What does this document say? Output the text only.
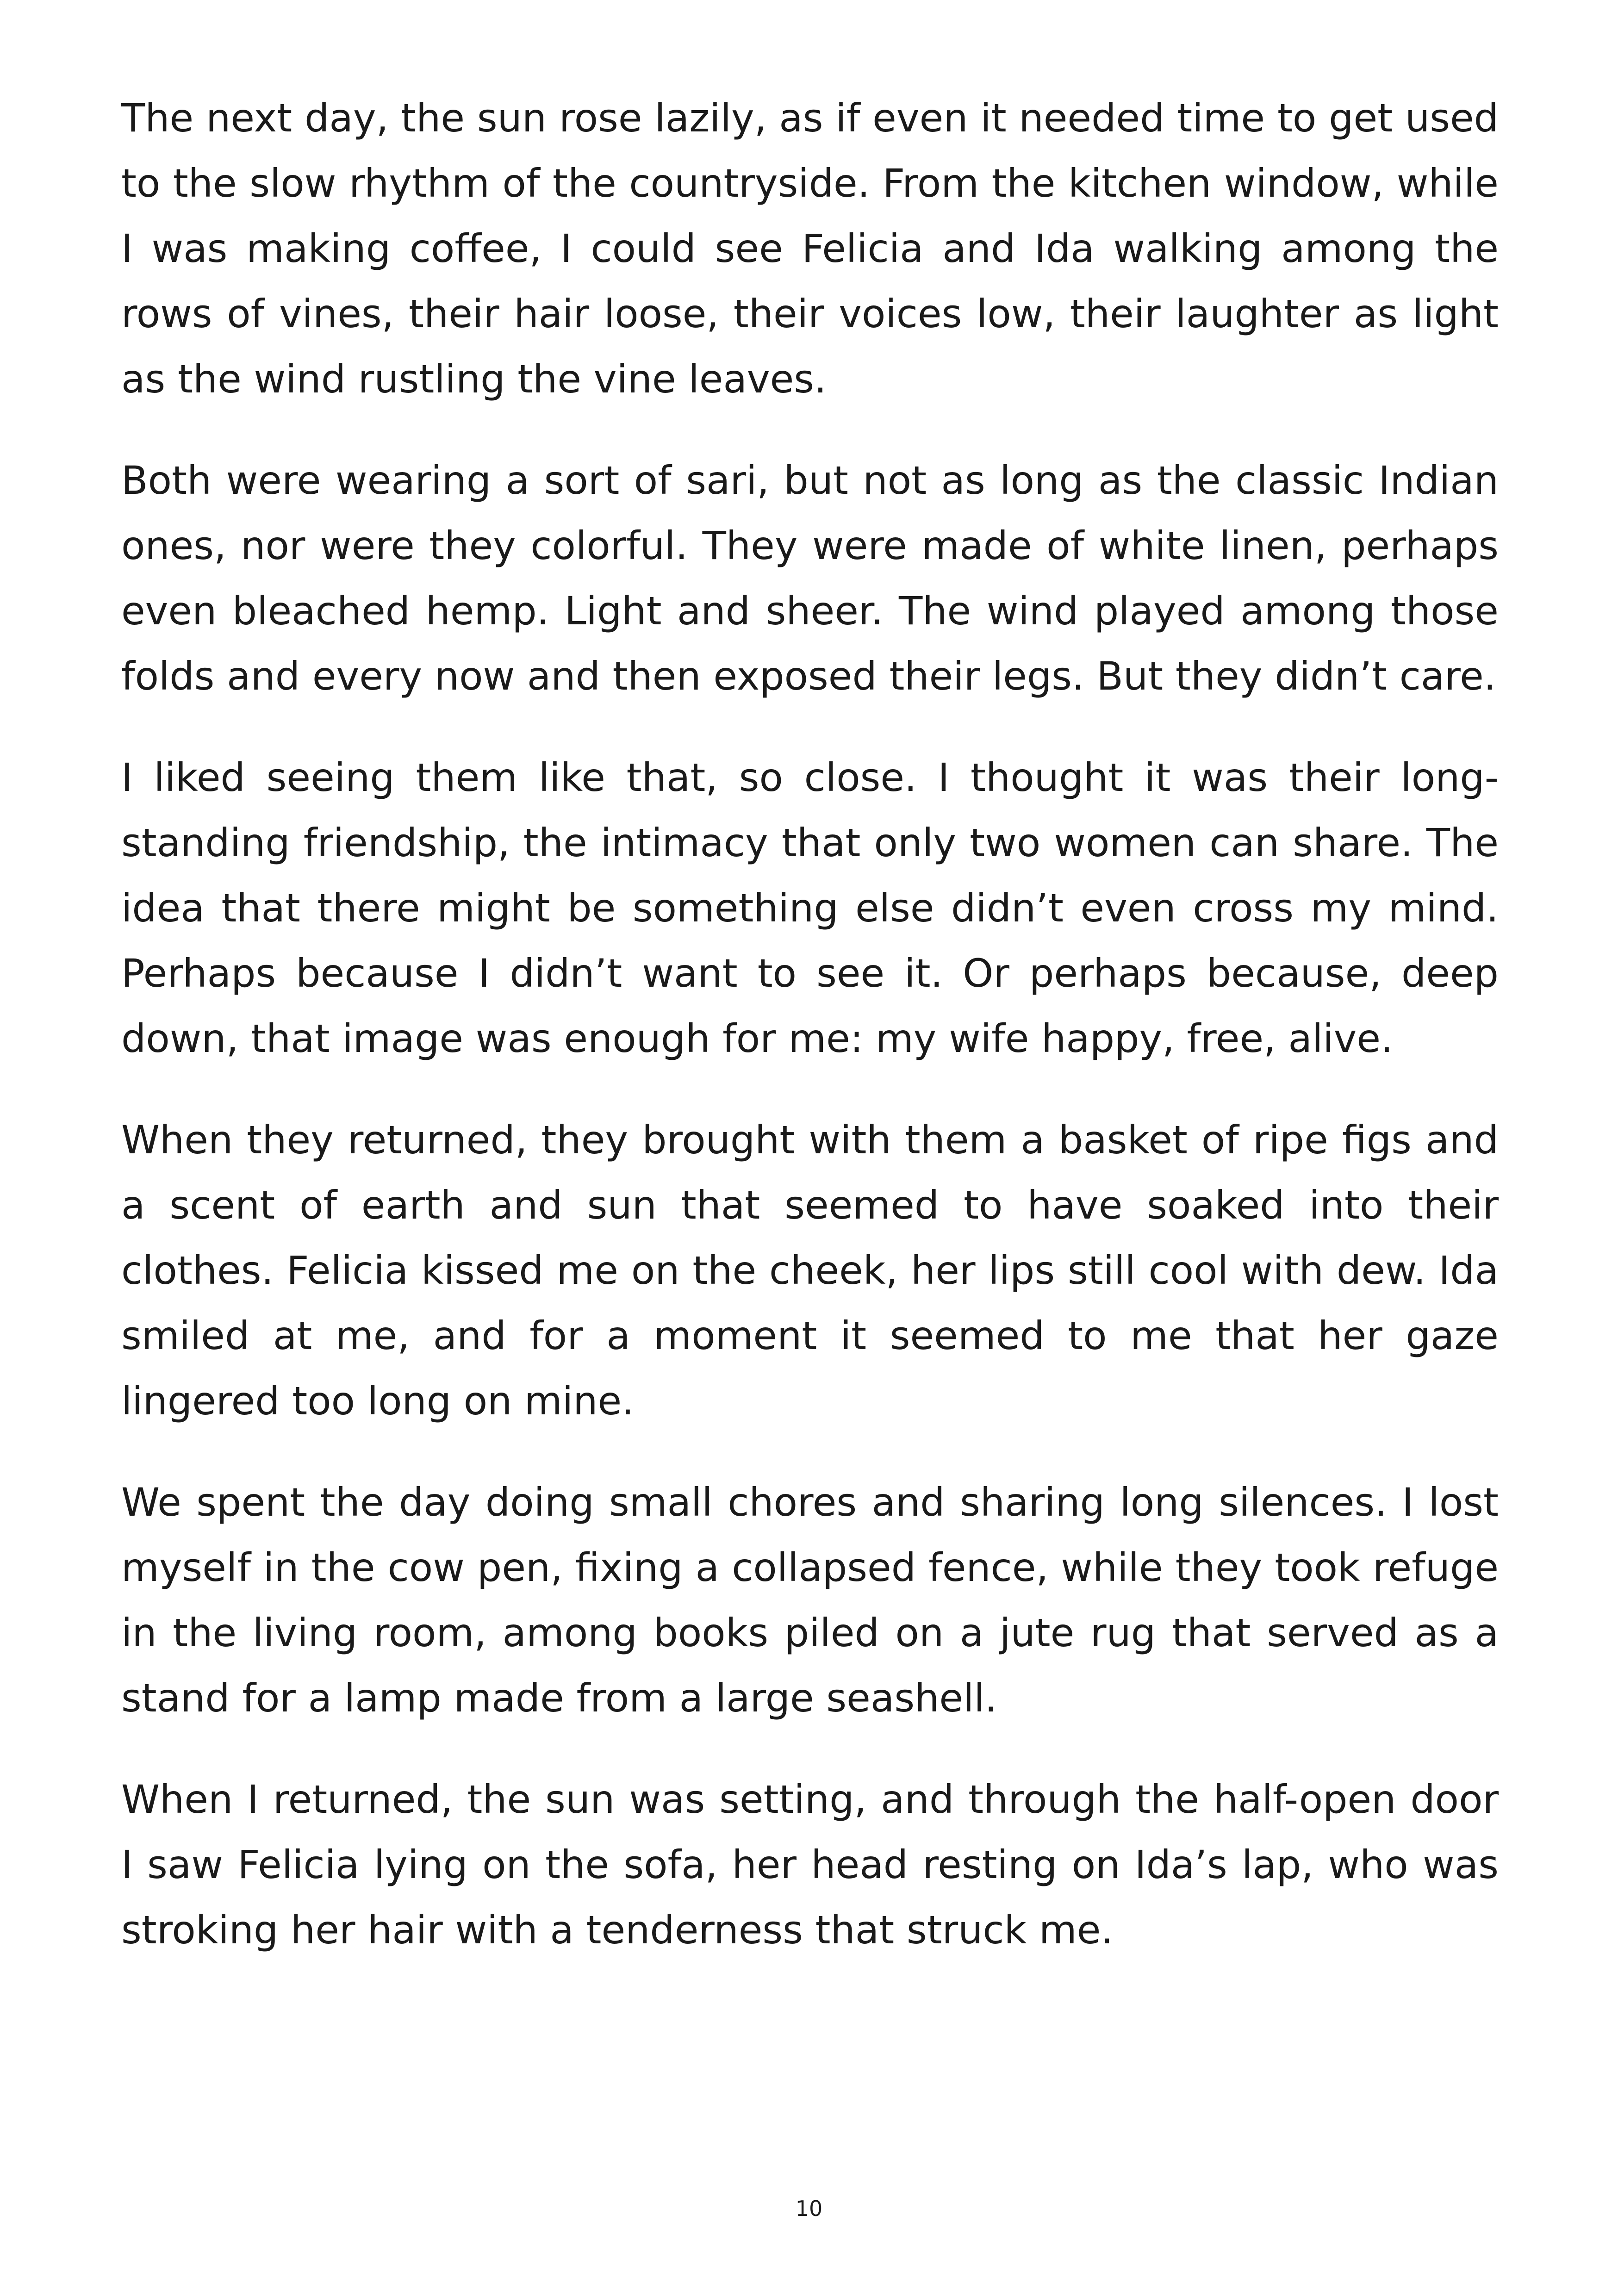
The next day, the sun rose lazily, as if even it needed time to get used to the slow rhythm of the countryside. From the kitchen window, while I was making coffee, I could see Felicia and Ida walking among the rows of vines, their hair loose, their voices low, their laughter as light as the wind rustling the vine leaves.

Both were wearing a sort of sari, but not as long as the classic Indian ones, nor were they colorful. They were made of white linen, perhaps even bleached hemp. Light and sheer. The wind played among those folds and every now and then exposed their legs. But they didn’t care.

I liked seeing them like that, so close. I thought it was their long-standing friendship, the intimacy that only two women can share. The idea that there might be something else didn’t even cross my mind. Perhaps because I didn’t want to see it. Or perhaps because, deep down, that image was enough for me: my wife happy, free, alive.

When they returned, they brought with them a basket of ripe figs and a scent of earth and sun that seemed to have soaked into their clothes. Felicia kissed me on the cheek, her lips still cool with dew. Ida smiled at me, and for a moment it seemed to me that her gaze lingered too long on mine.

We spent the day doing small chores and sharing long silences. I lost myself in the cow pen, fixing a collapsed fence, while they took refuge in the living room, among books piled on a jute rug that served as a stand for a lamp made from a large seashell.

When I returned, the sun was setting, and through the half-open door I saw Felicia lying on the sofa, her head resting on Ida’s lap, who was stroking her hair with a tenderness that struck me.

10
